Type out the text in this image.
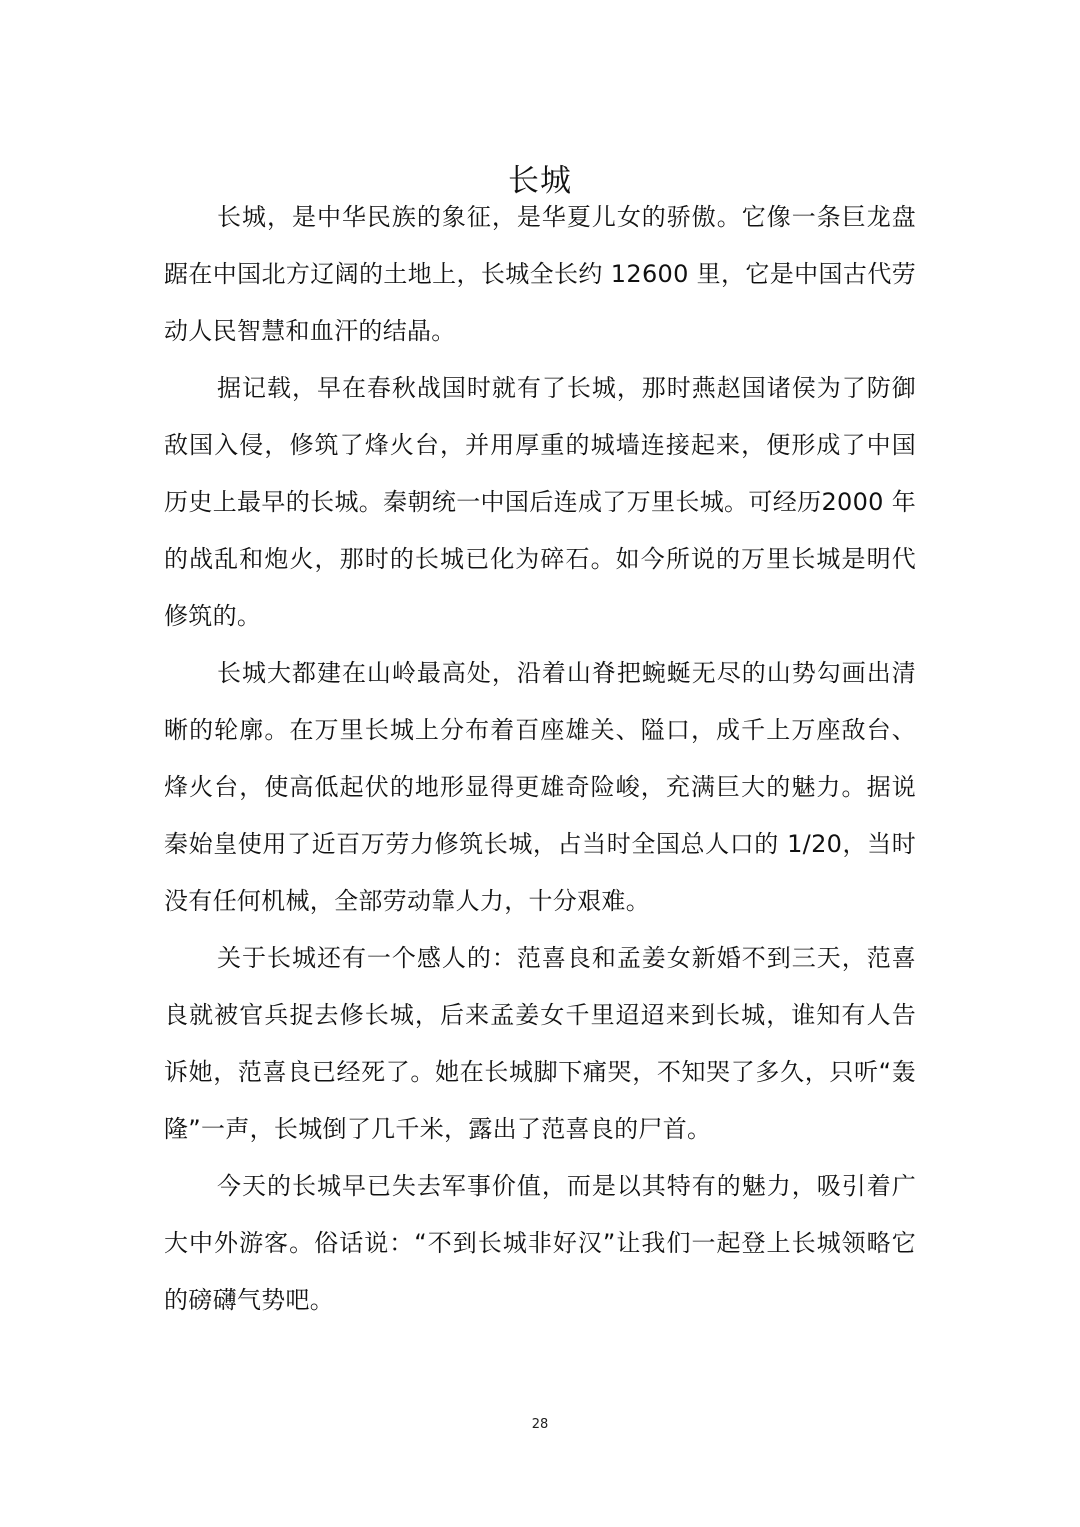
长城

长城，是中华民族的象征，是华夏儿女的骄傲。它像一条巨龙盘踞在中国北方辽阔的土地上，长城全长约 12600 里，它是中国古代劳动人民智慧和血汗的结晶。

据记载，早在春秋战国时就有了长城，那时燕赵国诸侯为了防御敌国入侵，修筑了烽火台，并用厚重的城墙连接起来，便形成了中国历史上最早的长城。秦朝统一中国后连成了万里长城。可经历2000 年的战乱和炮火，那时的长城已化为碎石。如今所说的万里长城是明代修筑的。

长城大都建在山岭最高处，沿着山脊把蜿蜒无尽的山势勾画出清晰的轮廓。在万里长城上分布着百座雄关、隘口，成千上万座敌台、烽火台，使高低起伏的地形显得更雄奇险峻，充满巨大的魅力。据说秦始皇使用了近百万劳力修筑长城，占当时全国总人口的 1/20，当时没有任何机械，全部劳动靠人力，十分艰难。

关于长城还有一个感人的：范喜良和孟姜女新婚不到三天，范喜良就被官兵捉去修长城，后来孟姜女千里迢迢来到长城，谁知有人告诉她，范喜良已经死了。她在长城脚下痛哭，不知哭了多久，只听“轰隆”一声，长城倒了几千米，露出了范喜良的尸首。

今天的长城早已失去军事价值，而是以其特有的魅力，吸引着广大中外游客。俗话说：“不到长城非好汉”让我们一起登上长城领略它的磅礴气势吧。

28
